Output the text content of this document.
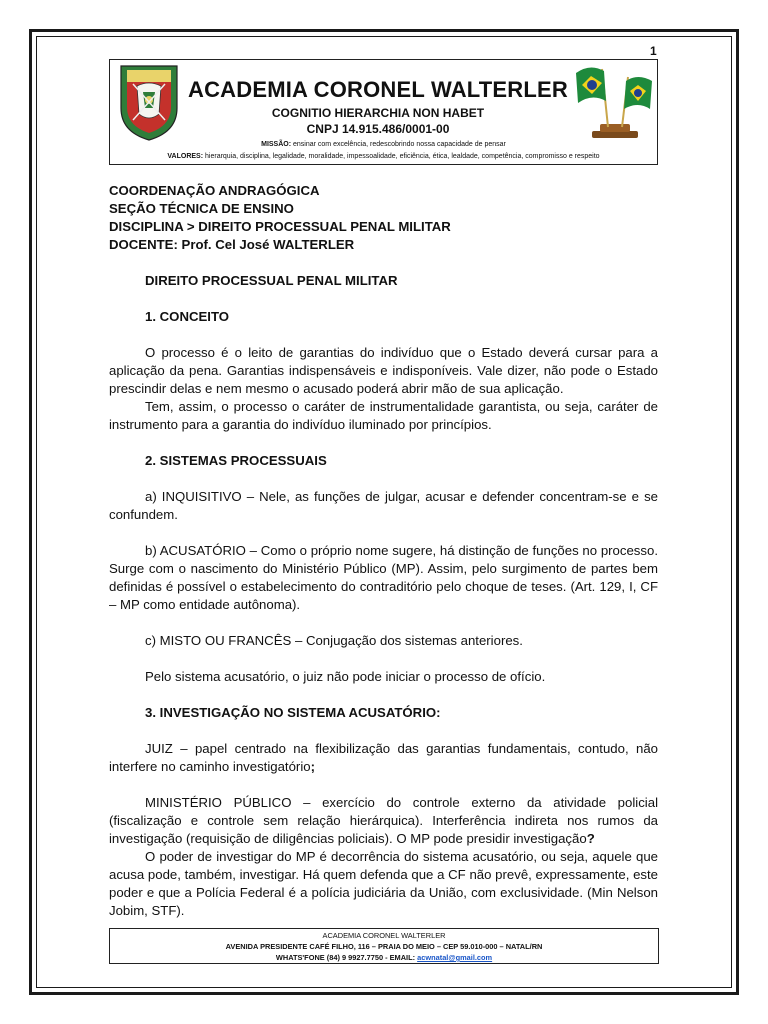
1
ACADEMIA CORONEL WALTERLER
COGNITIO HIERARCHIA NON HABET
CNPJ 14.915.486/0001-00
MISSÃO: ensinar com excelência, redescobrindo nossa capacidade de pensar
VALORES: hierarquia, disciplina, legalidade, moralidade, impessoalidade, eficiência, ética, lealdade, competência, compromisso e respeito
COORDENAÇÃO ANDRAGÓGICA
SEÇÃO TÉCNICA DE ENSINO
DISCIPLINA > DIREITO PROCESSUAL PENAL MILITAR
DOCENTE: Prof. Cel José WALTERLER

DIREITO PROCESSUAL PENAL MILITAR

1. CONCEITO

O processo é o leito de garantias do indivíduo que o Estado deverá cursar para a aplicação da pena. Garantias indispensáveis e indisponíveis. Vale dizer, não pode o Estado prescindir delas e nem mesmo o acusado poderá abrir mão de sua aplicação.

Tem, assim, o processo o caráter de instrumentalidade garantista, ou seja, caráter de instrumento para a garantia do indivíduo iluminado por princípios.

2. SISTEMAS PROCESSUAIS

a) INQUISITIVO – Nele, as funções de julgar, acusar e defender concentram-se e se confundem.

b) ACUSATÓRIO – Como o próprio nome sugere, há distinção de funções no processo. Surge com o nascimento do Ministério Público (MP). Assim, pelo surgimento de partes bem definidas é possível o estabelecimento do contraditório pelo choque de teses. (Art. 129, I, CF – MP como entidade autônoma).

c) MISTO OU FRANCÊS – Conjugação dos sistemas anteriores.

Pelo sistema acusatório, o juiz não pode iniciar o processo de ofício.

3. INVESTIGAÇÃO NO SISTEMA ACUSATÓRIO:

JUIZ – papel centrado na flexibilização das garantias fundamentais, contudo, não interfere no caminho investigatório;

MINISTÉRIO PÚBLICO – exercício do controle externo da atividade policial (fiscalização e controle sem relação hierárquica). Interferência indireta nos rumos da investigação (requisição de diligências policiais). O MP pode presidir investigação?

O poder de investigar do MP é decorrência do sistema acusatório, ou seja, aquele que acusa pode, também, investigar. Há quem defenda que a CF não prevê, expressamente, este poder e que a Polícia Federal é a polícia judiciária da União, com exclusividade. (Min Nelson Jobim, STF).

ACADEMIA CORONEL WALTERLER
AVENIDA PRESIDENTE CAFÉ FILHO, 116 – PRAIA DO MEIO – CEP 59.010-000 – NATAL/RN
WHATS'FONE (84) 9 9927.7750 - EMAIL: acwnatal@gmail.com
